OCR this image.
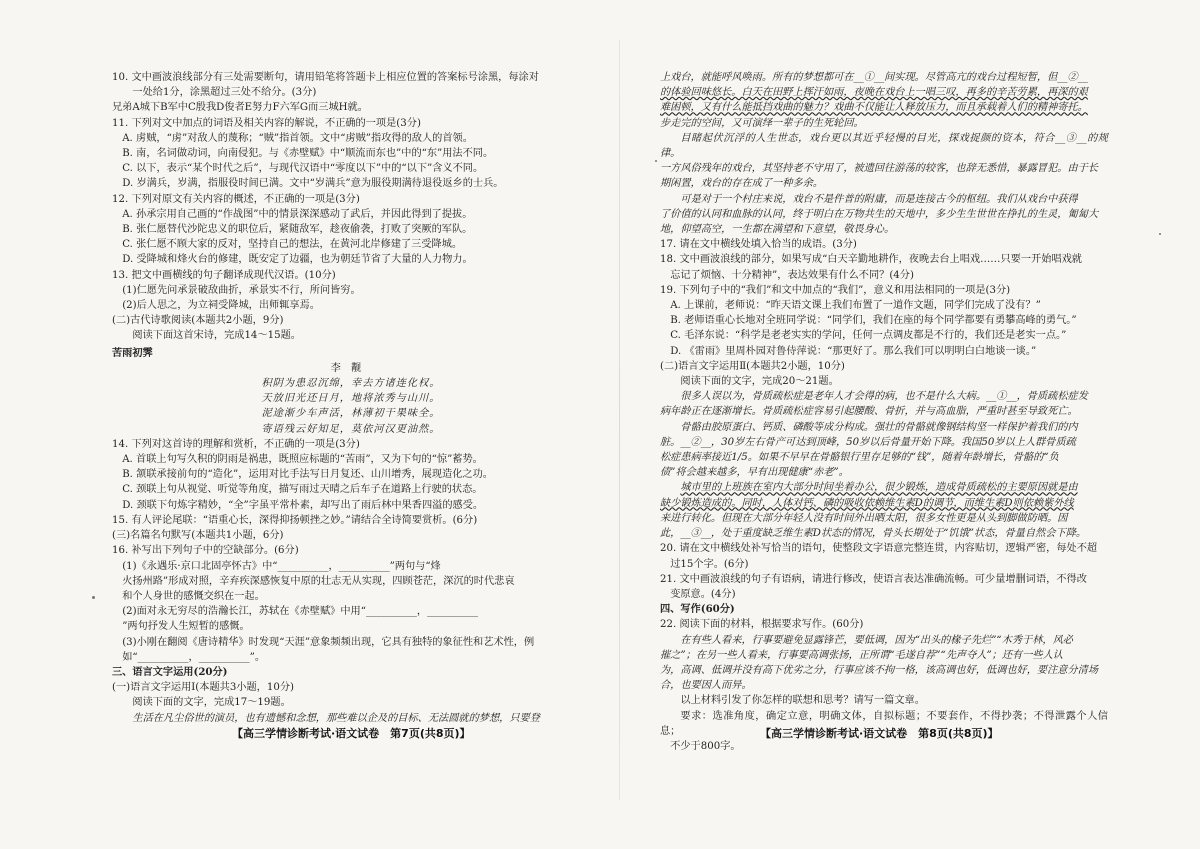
10. 文中画波浪线部分有三处需要断句，请用铅笔将答题卡上相应位置的答案标号涂黑，每涂对

一处给1分，涂黑超过三处不给分。(3分)

兄弟A城下B军中C殷我D俊者E努力F六军G而三城H就。

11. 下列对文中加点的词语及相关内容的解说，不正确的一项是(3分)

A. 虏贼，“虏”对敌人的蔑称；“贼”指首领。文中“虏贼”指攻得的敌人的首领。

B. 南，名词做动词，向南侵犯。与《赤壁赋》中“顺流而东也”中的“东”用法不同。

C. 以下，表示“某个时代之后”，与现代汉语中“零度以下”中的“以下”含义不同。

D. 岁满兵，岁满，指服役时间已满。文中“岁满兵”意为服役期满待退役返乡的士兵。

12. 下列对原文有关内容的概述，不正确的一项是(3分)

A. 孙承宗用自己画的“作战图”中的情景深深感动了武后，并因此得到了提拔。

B. 张仁愿替代沙陀忠义的职位后，紧随敌军，趁夜偷袭，打败了突厥的军队。

C. 张仁愿不顾大家的反对，坚持自己的想法，在黄河北岸修建了三受降城。

D. 受降城和烽火台的修建，既安定了边疆，也为朝廷节省了大量的人力物力。

13. 把文中画横线的句子翻译成现代汉语。(10分)

(1)仁愿先问承景破敌曲折，承景实不行，所问皆穷。

(2)后人思之，为立祠受降城，出师辄享焉。

(二)古代诗歌阅读(本题共2小题，9分)

阅读下面这首宋诗，完成14～15题。

苦雨初霁

李觏

积阴为患忍沉绵，幸去方诸连化权。

天放旧光还日月，地将浓秀与山川。

泥途渐少车声活，林薄初干果味全。

寄语残云好知足，莫依河汉更油然。

14. 下列对这首诗的理解和赏析，不正确的一项是(3分)

A. 首联上句写久积的阴雨是祸患，既照应标题的“苦雨”，又为下句的“惊”蓄势。

B. 颔联承接前句的“造化”，运用对比手法写日月复还、山川增秀，展现造化之功。

C. 颈联上句从视觉、听觉等角度，描写雨过天晴之后车子在道路上行驶的状态。

D. 颈联下句炼字精妙，“全”字虽平常朴素，却写出了雨后林中果香四溢的感受。

15. 有人评论尾联：“语重心长，深得抑扬顿挫之妙。”请结合全诗简要赏析。(6分)

(三)名篇名句默写(本题共1小题，6分)

16. 补写出下列句子中的空缺部分。(6分)

(1)《永遇乐·京口北固亭怀古》中“__________，__________”两句与“烽

火扬州路”形成对照，辛弃疾深感恢复中原的壮志无从实现，四顾苍茫，深沉的时代悲哀

和个人身世的感慨交织在一起。

(2)面对永无穷尽的浩瀚长江，苏轼在《赤壁赋》中用“__________，__________

”两句抒发人生短暂的感慨。

(3)小刚在翻阅《唐诗精华》时发现“天涯”意象频频出现，它具有独特的象征性和艺术性，例

如“__________，__________”。

三、语言文字运用(20分)

(一)语言文字运用Ⅰ(本题共3小题，10分)

阅读下面的文字，完成17～19题。

生活在凡尘俗世的演员，也有遗憾和念想，那些难以企及的目标、无法圆就的梦想，只要登

【高三学情诊断考试·语文试卷　第7页(共8页)】

上戏台，就能呼风唤雨。所有的梦想都可在__①__间实现。尽管高亢的戏台过程短暂，但__②__

的体验回味悠长。白天在田野上挥汗如雨，夜晚在戏台上一唱三叹，再多的辛苦劳累，再深的艰

难困顿，又有什么能抵挡戏曲的魅力？戏曲不仅能让人释放压力，而且承载着人们的精神寄托。

步走完的空间，又可演绎一辈子的生死轮回。

目睹起伏沉浮的人生世态，戏台更以其近乎轻慢的目光，探戏捉颜的资本，符合__③__的规律。

一方风俗残年的戏台，其坚持老不守用了，被遗回往游荡的较客，也辞无悉惜，暴露冒犯。由于长

期闲置，戏台的存在成了一种多余。

可是对于一个村庄来说，戏台不是件普的附庸，而是连接古今的枢纽。我们从戏台中获得

了价值的认同和血脉的认同，终于明白在万物共生的天地中，多少生生世世在挣扎的生灵，匍匐大

地，仰望高空，一生都在满望和下意望，敬畏身心。

17. 请在文中横线处填入恰当的成语。(3分)

18. 文中画波浪线的部分，如果写成“白天辛勤地耕作，夜晚去台上唱戏……只要一开始唱戏就

忘记了烦恼、十分精神”，表达效果有什么不同？(4分)

19. 下列句子中的“我们”和文中加点的“我们”，意义和用法相同的一项是(3分)

A. 上课前，老师说：“昨天语文课上我们布置了一道作文题，同学们完成了没有？”

B. 老师语重心长地对全班同学说：“同学们，我们在座的每个同学都要有勇攀高峰的勇气。”

C. 毛泽东说：“科学是老老实实的学问，任何一点调皮都是不行的，我们还是老实一点。”

D. 《雷雨》里周朴园对鲁侍萍说：“那更好了。那么我们可以明明白白地谈一谈。”

(二)语言文字运用Ⅱ(本题共2小题，10分)

阅读下面的文字，完成20～21题。

很多人误以为，骨质疏松症是老年人才会得的病，也不是什么大病。__①__，骨质疏松症发

病年龄正在逐渐增长。骨质疏松症容易引起腰酸、骨折，并与高血脂，严重时甚至导致死亡。

骨骼由胶原蛋白、钙质、磷酸等成分构成。强壮的骨骼就像钢结构坚一样保护着我们的内

脏。__②__，30岁左右骨产可达到顶峰，50岁以后骨量开始下降。我国50岁以上人群骨质疏

松症患病率接近1/5。如果不早早在骨骼银行里存足够的“钱”，随着年龄增长，骨骼的“负

债”将会越来越多，早有出现健康“赤老”。

城市里的上班族在室内大部分时间坐着办公，很少锻炼，造成骨质疏松的主要原因就是由

缺少锻炼造成的。同时，人体对钙、磷的吸收依赖维生素D的调节，而维生素D则依赖紫外线

来进行转化。但现在大部分年轻人没有时间外出晒太阳，很多女性更是从头到脚做防晒。因

此，__③__，处于重度缺乏维生素D状态的情况，骨头长期处于“饥饿”状态，骨量自然会下降。

20. 请在文中横线处补写恰当的语句，使整段文字语意完整连贯，内容贴切，逻辑严密，每处不超

过15个字。(6分)

21. 文中画波浪线的句子有语病，请进行修改，使语言表达准确流畅。可少量增删词语，不得改

变原意。(4分)

四、写作(60分)

22. 阅读下面的材料，根据要求写作。(60分)

在有些人看来，行事要避免显露锋芒，要低调，因为“出头的椽子先烂”“木秀于林，风必

摧之”；在另一些人看来，行事要高调张扬，正所谓“毛遂自荐”“先声夺人”；还有一些人认

为，高调、低调并没有高下优劣之分，行事应该不拘一格，该高调也好，低调也好，要注意分清场

合，也要因人而异。

以上材料引发了你怎样的联想和思考？请写一篇文章。

要求：选准角度，确定立意，明确文体，自拟标题；不要套作，不得抄袭；不得泄露个人信息；

不少于800字。

【高三学情诊断考试·语文试卷　第8页(共8页)】
